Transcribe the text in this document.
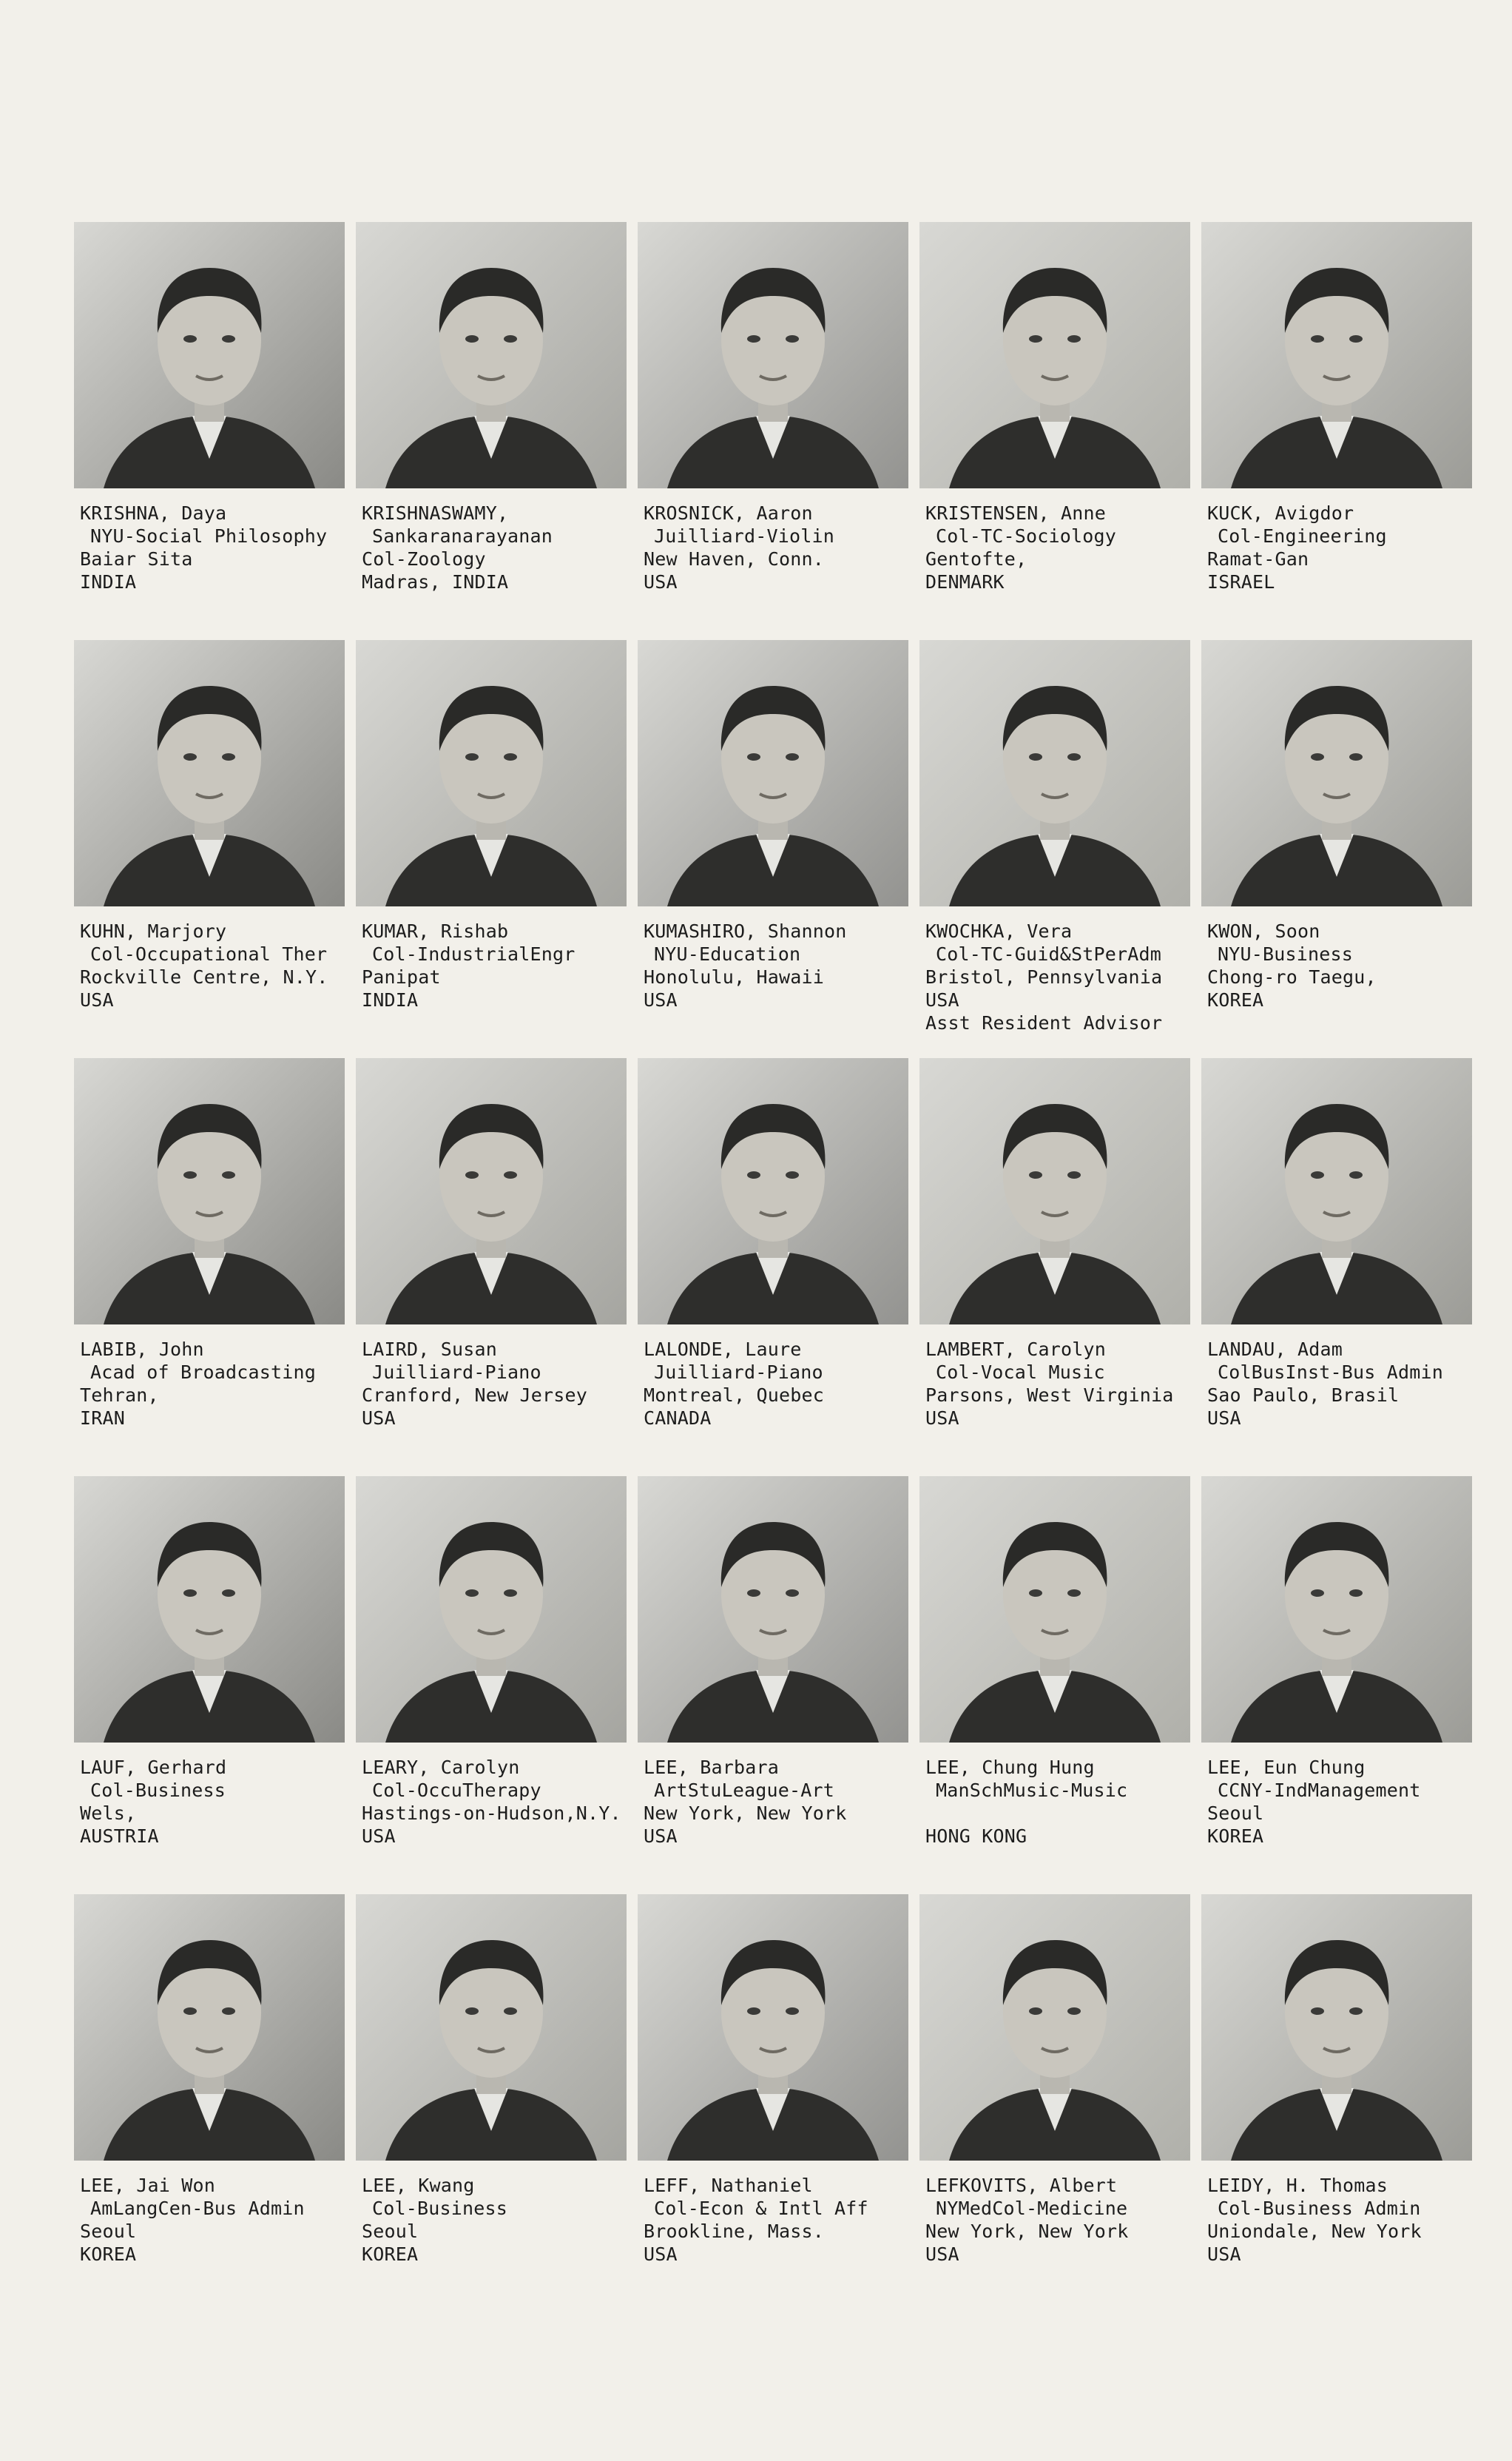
KRISHNA, Daya
NYU-Social Philosophy
Baiar Sita
INDIA
KRISHNASWAMY,
Sankaranarayanan
Col-Zoology
Madras, INDIA
KROSNICK, Aaron
Juilliard-Violin
New Haven, Conn.
USA
KRISTENSEN, Anne
Col-TC-Sociology
Gentofte,
DENMARK
KUCK, Avigdor
Col-Engineering
Ramat-Gan
ISRAEL
KUHN, Marjory
Col-Occupational Ther
Rockville Centre, N.Y.
USA
KUMAR, Rishab
Col-IndustrialEngr
Panipat
INDIA
KUMASHIRO, Shannon
NYU-Education
Honolulu, Hawaii
USA
KWOCHKA, Vera
Col-TC-Guid&StPerAdm
Bristol, Pennsylvania
USA
Asst Resident Advisor
KWON, Soon
NYU-Business
Chong-ro Taegu,
KOREA
LABIB, John
Acad of Broadcasting
Tehran,
IRAN
LAIRD, Susan
Juilliard-Piano
Cranford, New Jersey
USA
LALONDE, Laure
Juilliard-Piano
Montreal, Quebec
CANADA
LAMBERT, Carolyn
Col-Vocal Music
Parsons, West Virginia
USA
LANDAU, Adam
ColBusInst-Bus Admin
Sao Paulo, Brasil
USA
LAUF, Gerhard
Col-Business
Wels,
AUSTRIA
LEARY, Carolyn
Col-OccuTherapy
Hastings-on-Hudson,N.Y.
USA
LEE, Barbara
ArtStuLeague-Art
New York, New York
USA
LEE, Chung Hung
ManSchMusic-Music
HONG KONG
LEE, Eun Chung
CCNY-IndManagement
Seoul
KOREA
LEE, Jai Won
AmLangCen-Bus Admin
Seoul
KOREA
LEE, Kwang
Col-Business
Seoul
KOREA
LEFF, Nathaniel
Col-Econ & Intl Aff
Brookline, Mass.
USA
LEFKOVITS, Albert
NYMedCol-Medicine
New York, New York
USA
LEIDY, H. Thomas
Col-Business Admin
Uniondale, New York
USA
